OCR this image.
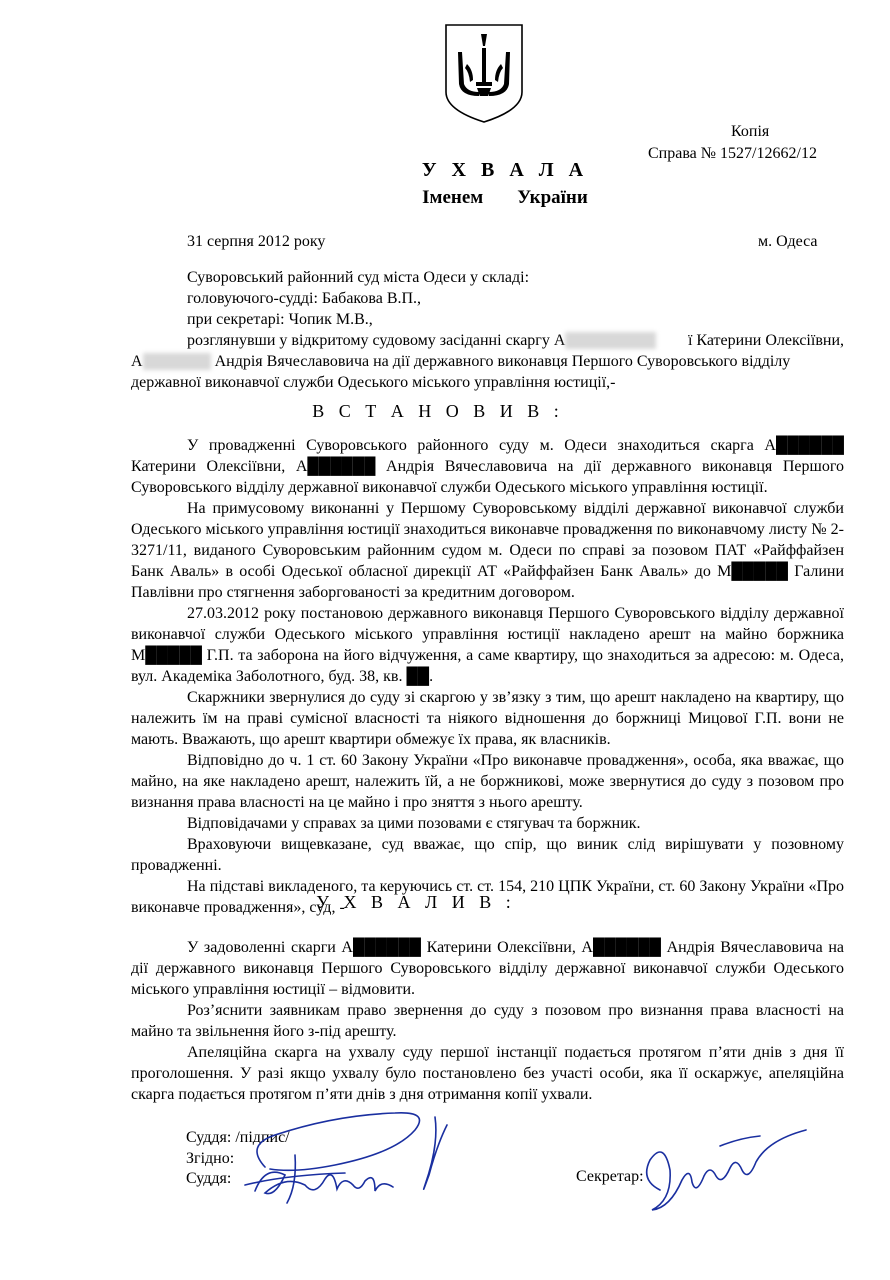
Копія
Справа № 1527/12662/12
У Х В А Л А
Іменем України
31 серпня 2012 року	м. Одеса
Суворовський районний суд міста Одеси у складі:
головуючого-судді: Бабакова В.П.,
при секретарі: Чопик М.В.,
розглянувши у відкритому судовому засіданні скаргу А	ї Катерини Олексіївни,
А	Андрія Вячеславовича на дії державного виконавця Першого Суворовського відділу
державної виконавчої служби Одеського міського управління юстиції,-
В С Т А Н О В И В :

У провадженні Суворовського районного суду м. Одеси знаходиться скарга А██████ Катерини Олексіївни, А██████ Андрія Вячеславовича на дії державного виконавця Першого Суворовського відділу державної виконавчої служби Одеського міського управління юстиції.

На примусовому виконанні у Першому Суворовському відділі державної виконавчої служби Одеського міського управління юстиції знаходиться виконавче провадження по виконавчому листу № 2-3271/11, виданого Суворовським районним судом м. Одеси по справі за позовом ПАТ «Райффайзен Банк Аваль» в особі Одеської обласної дирекції АТ «Райффайзен Банк Аваль» до М█████ Галини Павлівни про стягнення заборгованості за кредитним договором.

27.03.2012 року постановою державного виконавця Першого Суворовського відділу державної виконавчої служби Одеського міського управління юстиції накладено арешт на майно боржника М█████ Г.П. та заборона на його відчуження, а саме квартиру, що знаходиться за адресою: м. Одеса, вул. Академіка Заболотного, буд. 38, кв. ██.

Скаржники звернулися до суду зі скаргою у зв’язку з тим, що арешт накладено на квартиру, що належить їм на праві сумісної власності та ніякого відношення до боржниці Мицової Г.П. вони не мають. Вважають, що арешт квартири обмежує їх права, як власників.

Відповідно до ч. 1 ст. 60 Закону України «Про виконавче провадження», особа, яка вважає, що майно, на яке накладено арешт, належить їй, а не боржникові, може звернутися до суду з позовом про визнання права власності на це майно і про зняття з нього арешту.

Відповідачами у справах за цими позовами є стягувач та боржник.

Враховуючи вищевказане, суд вважає, що спір, що виник слід вирішувати у позовному провадженні.

На підставі викладеного, та керуючись ст. ст. 154, 210 ЦПК України, ст. 60 Закону України «Про виконавче провадження», суд, -

У Х В А Л И В :

У задоволенні скарги А██████ Катерини Олексіївни, А██████ Андрія Вячеславовича на дії державного виконавця Першого Суворовського відділу державної виконавчої служби Одеського міського управління юстиції – відмовити.

Роз’яснити заявникам право звернення до суду з позовом про визнання права власності на майно та звільнення його з-під арешту.

Апеляційна скарга на ухвалу суду першої інстанції подається протягом п’яти днів з дня її проголошення. У разі якщо ухвалу було постановлено без участі особи, яка її оскаржує, апеляційна скарга подається протягом п’яти днів з дня отримання копії ухвали.

Суддя: /підпис/
Згідно:
Суддя:	Секретар:
